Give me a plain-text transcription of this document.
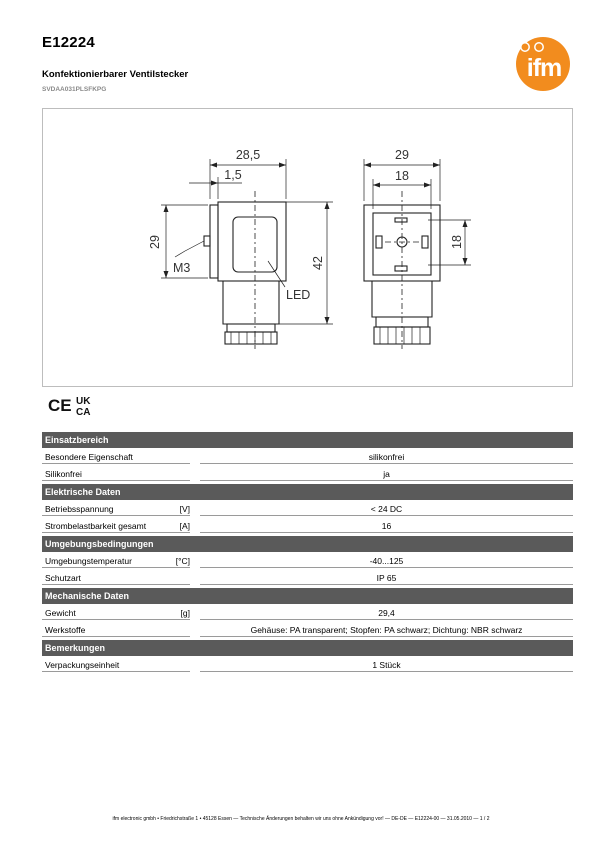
E12224
Konfektionierbarer Ventilstecker
SVDAA031PLSFKPG
ifm
28,5
1,5
29
42
29
18
18
M3
LED
CE UK
CA
Einsatzbereich
Besondere Eigenschaft	silikonfrei
Silikonfrei	ja
Elektrische Daten
Betriebsspannung	[V]	< 24 DC
Strombelastbarkeit gesamt	[A]	16
Umgebungsbedingungen
Umgebungstemperatur	[°C]	-40...125
Schutzart	IP 65
Mechanische Daten
Gewicht	[g]	29,4
Werkstoffe	Gehäuse: PA transparent; Stopfen: PA schwarz; Dichtung: NBR schwarz
Bemerkungen
Verpackungseinheit	1 Stück
ifm electronic gmbh • Friedrichstraße 1 • 45128 Essen — Technische Änderungen behalten wir uns ohne Ankündigung vor! — DE-DE — E12224-00 — 31.05.2010 — 1 / 2
